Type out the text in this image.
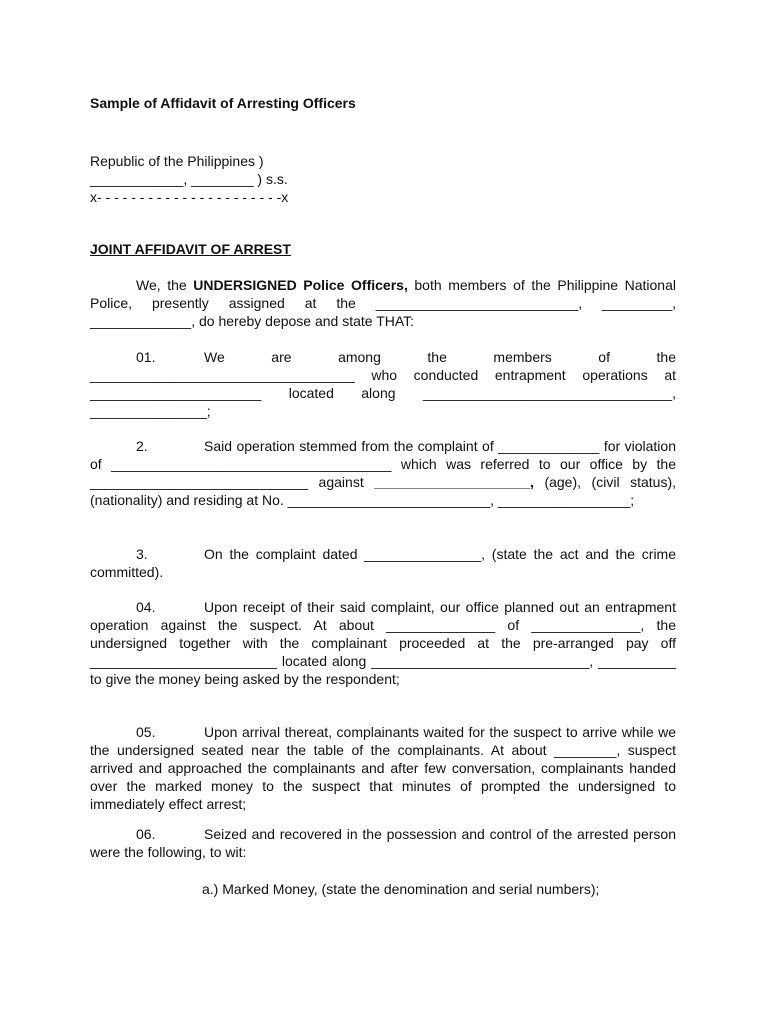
Sample of Affidavit of Arresting Officers
Republic of the Philippines )
____________, ________ ) s.s.
x- - - - - - - - - - - - - - - - - - - - - -x
JOINT AFFIDAVIT OF ARREST
We, the UNDERSIGNED Police Officers, both members of the Philippine National Police, presently assigned at the __________________________, _________, _____________, do hereby depose and state THAT:
01.	We are among the members of the __________________________________ who conducted entrapment operations at ______________________ located along ________________________________, _______________;
2.	Said operation stemmed from the complaint of _____________ for violation of ____________________________________ which was referred to our office by the ____________________________ against ____________________, (age), (civil status), (nationality) and residing at No. __________________________, _________________;
3.	On the complaint dated _______________, (state the act and the crime committed).
04.	Upon receipt of their said complaint, our office planned out an entrapment operation against the suspect. At about ______________ of ______________, the undersigned together with the complainant proceeded at the pre-arranged pay off ________________________ located along ____________________________, __________ to give the money being asked by the respondent;
05.	Upon arrival thereat, complainants waited for the suspect to arrive while we the undersigned seated near the table of the complainants. At about ________, suspect arrived and approached the complainants and after few conversation, complainants handed over the marked money to the suspect that minutes of prompted the undersigned to immediately effect arrest;
06.	Seized and recovered in the possession and control of the arrested person were the following, to wit:
a.) Marked Money, (state the denomination and serial numbers);
